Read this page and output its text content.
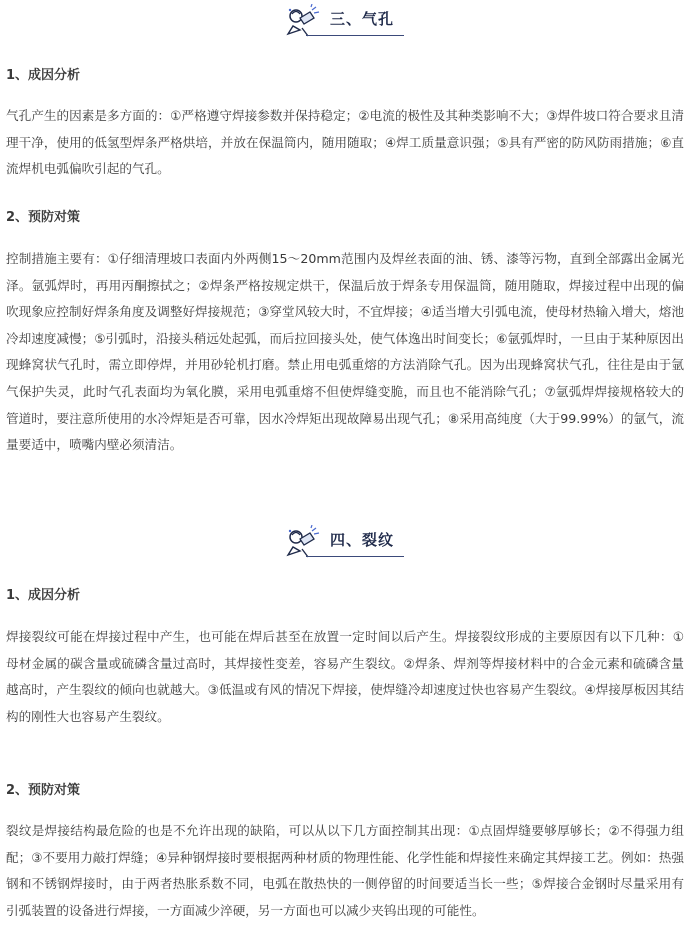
三、气孔
1、成因分析

气孔产生的因素是多方面的：①严格遵守焊接参数并保持稳定；②电流的极性及其种类影响不大；③焊件坡口符合要求且清理干净，使用的低氢型焊条严格烘培，并放在保温筒内，随用随取；④焊工质量意识强；⑤具有严密的防风防雨措施；⑥直流焊机电弧偏吹引起的气孔。

2、预防对策

控制措施主要有：①仔细清理坡口表面内外两侧15～20mm范围内及焊丝表面的油、锈、漆等污物，直到全部露出金属光泽。氩弧焊时，再用丙酮擦拭之；②焊条严格按规定烘干，保温后放于焊条专用保温筒，随用随取，焊接过程中出现的偏吹现象应控制好焊条角度及调整好焊接规范；③穿堂风较大时，不宜焊接；④适当增大引弧电流，使母材热输入增大，熔池冷却速度减慢；⑤引弧时，沿接头稍远处起弧，而后拉回接头处，使气体逸出时间变长；⑥氩弧焊时，一旦由于某种原因出现蜂窝状气孔时，需立即停焊，并用砂轮机打磨。禁止用电弧重熔的方法消除气孔。因为出现蜂窝状气孔，往往是由于氩气保护失灵，此时气孔表面均为氧化膜，采用电弧重熔不但使焊缝变脆，而且也不能消除气孔；⑦氩弧焊焊接规格较大的管道时，要注意所使用的水冷焊矩是否可靠，因水冷焊矩出现故障易出现气孔；⑧采用高纯度（大于99.99%）的氩气，流量要适中，喷嘴内壁必须清洁。

四、裂纹
1、成因分析

焊接裂纹可能在焊接过程中产生，也可能在焊后甚至在放置一定时间以后产生。焊接裂纹形成的主要原因有以下几种：①母材金属的碳含量或硫磷含量过高时，其焊接性变差，容易产生裂纹。②焊条、焊剂等焊接材料中的合金元素和硫磷含量越高时，产生裂纹的倾向也就越大。③低温或有风的情况下焊接，使焊缝冷却速度过快也容易产生裂纹。④焊接厚板因其结构的刚性大也容易产生裂纹。

2、预防对策

裂纹是焊接结构最危险的也是不允许出现的缺陷，可以从以下几方面控制其出现：①点固焊缝要够厚够长；②不得强力组配；③不要用力敲打焊缝；④异种钢焊接时要根据两种材质的物理性能、化学性能和焊接性来确定其焊接工艺。例如：热强钢和不锈钢焊接时，由于两者热胀系数不同，电弧在散热快的一侧停留的时间要适当长一些；⑤焊接合金钢时尽量采用有引弧装置的设备进行焊接，一方面减少淬硬，另一方面也可以减少夹钨出现的可能性。
